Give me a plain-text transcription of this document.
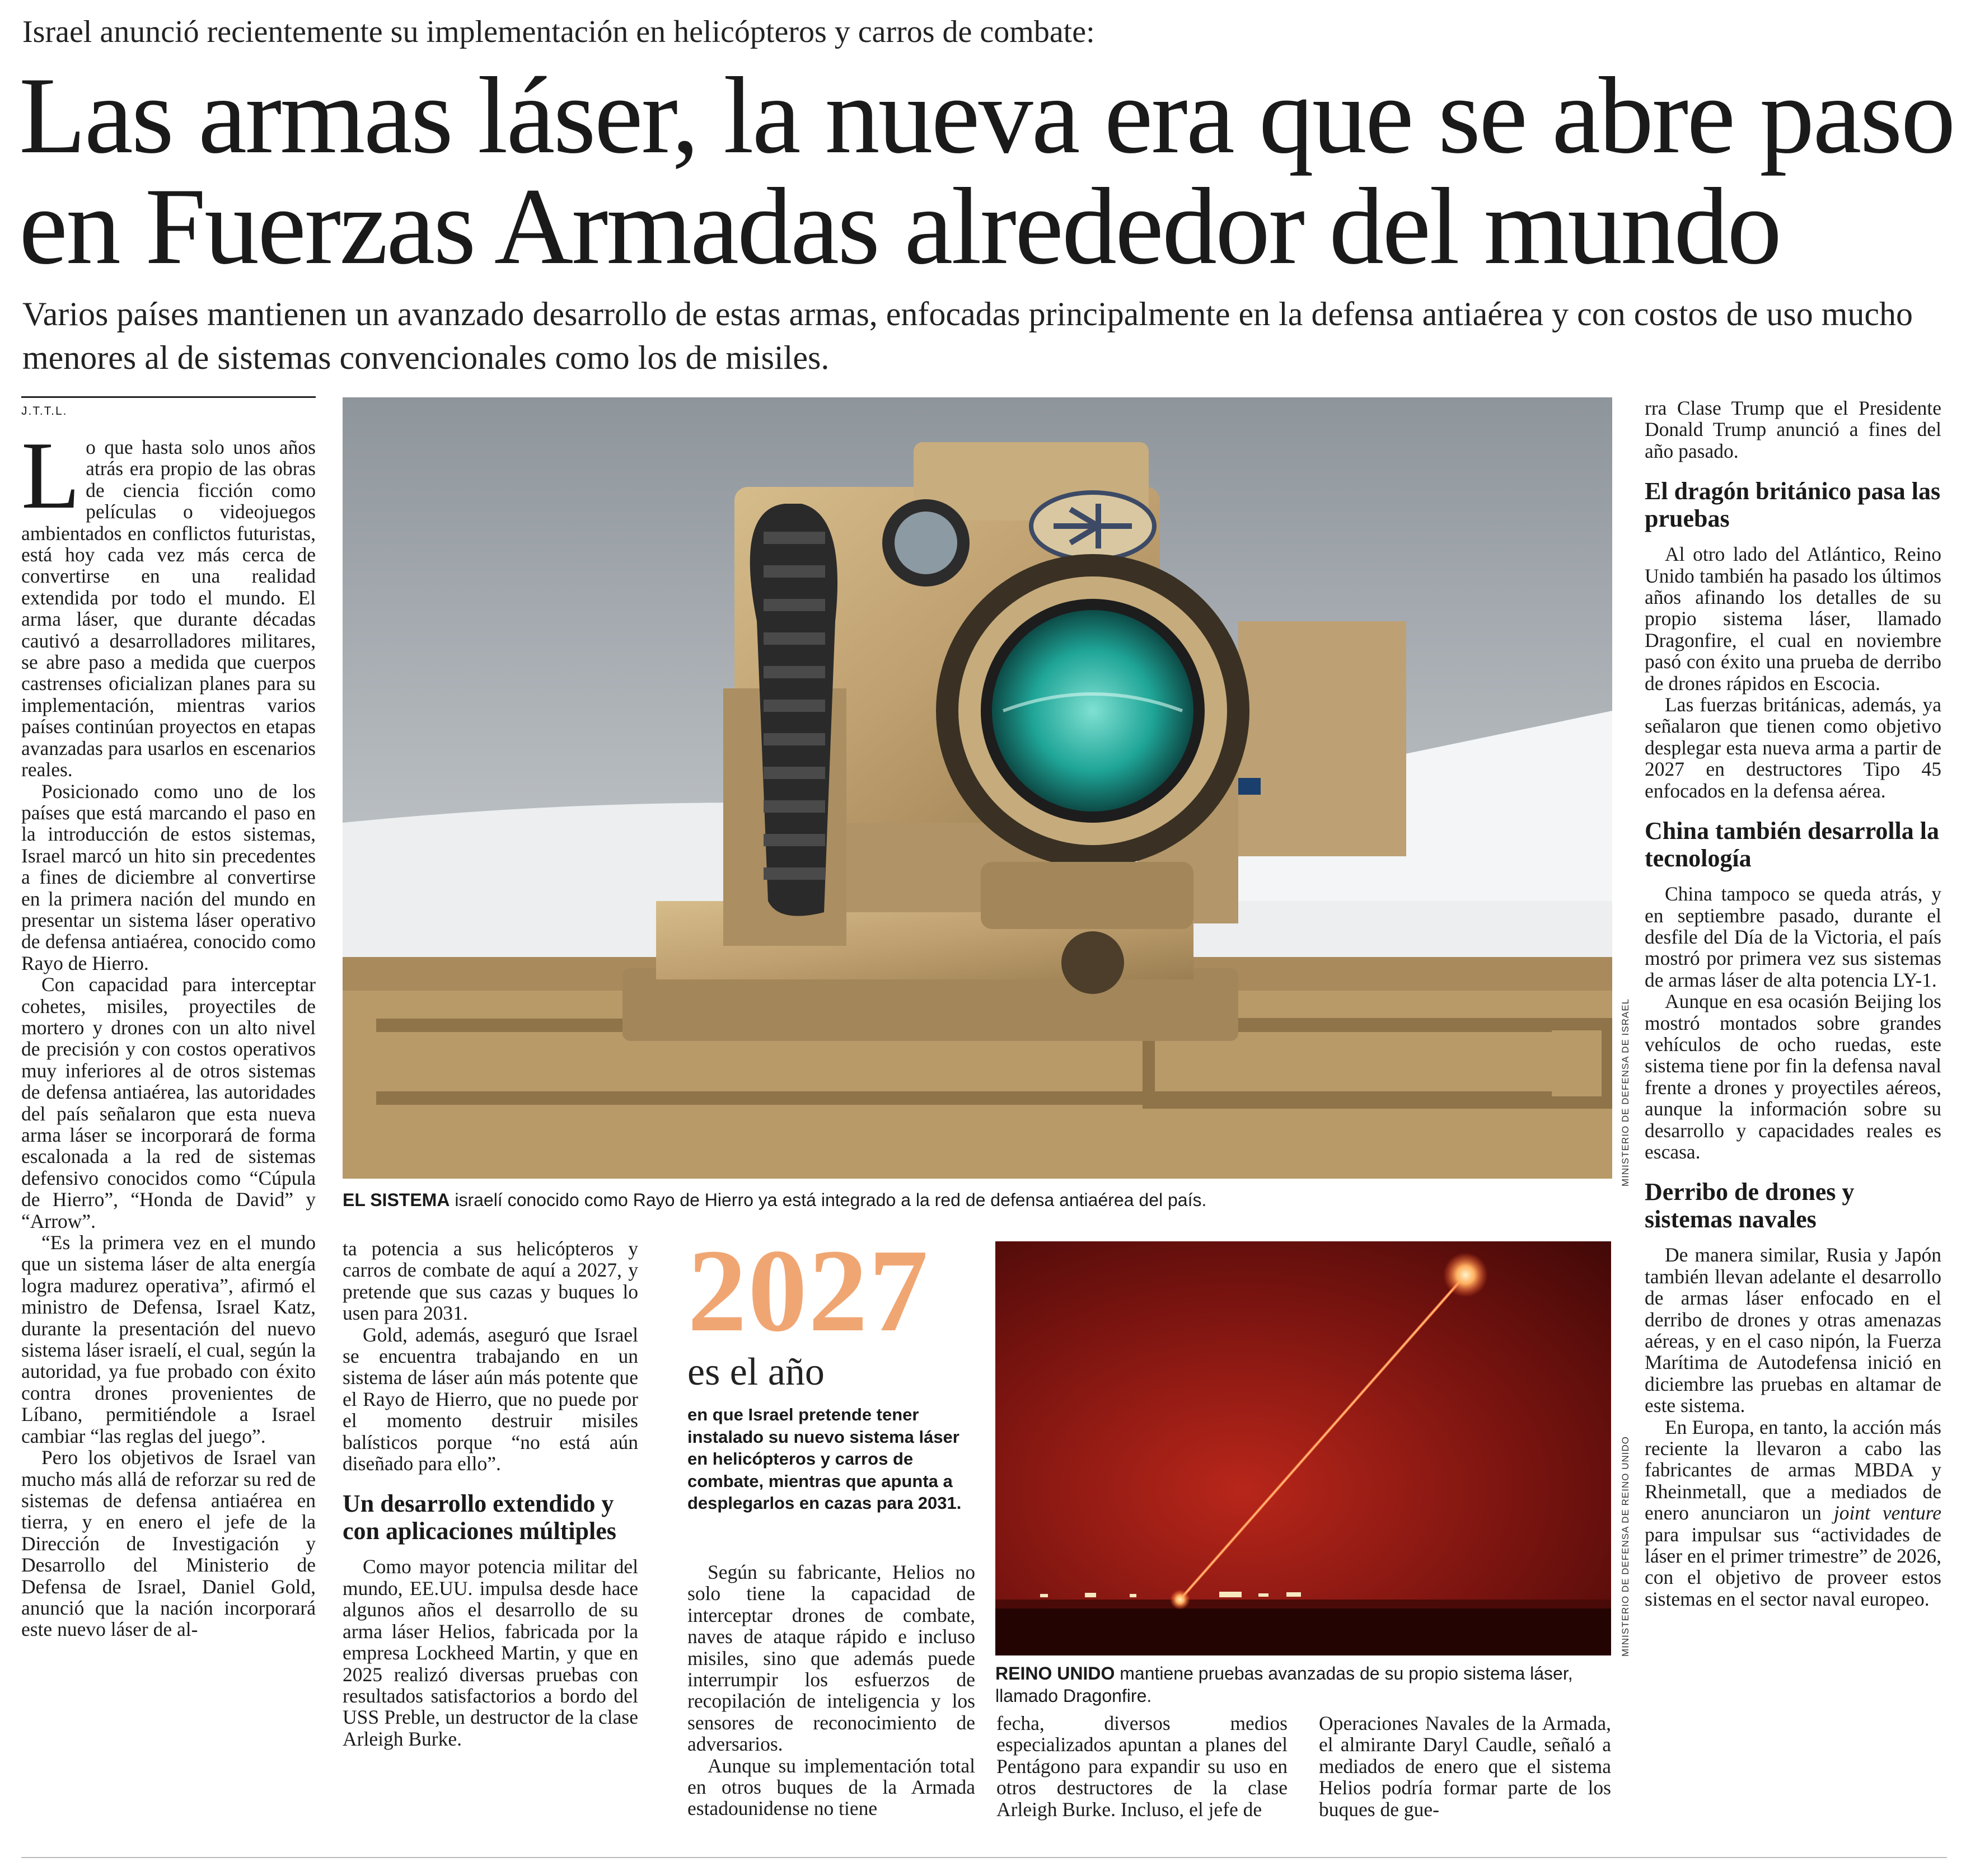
Israel anunció recientemente su implementación en helicópteros y carros de combate:
Las armas láser, la nueva era que se abre paso en Fuerzas Armadas alrededor del mundo
Varios países mantienen un avanzado desarrollo de estas armas, enfocadas principalmente en la defensa antiaérea y con costos de uso mucho menores al de sistemas convencionales como los de misiles.
J.T.T.L.
L o que hasta solo unos años atrás era propio de las obras de ciencia ficción como películas o videojuegos ambientados en conflictos futuristas, está hoy cada vez más cerca de convertirse en una realidad extendida por todo el mundo. El arma láser, que durante décadas cautivó a desarrolladores militares, se abre paso a medida que cuerpos castrenses oficializan planes para su implementación, mientras varios países continúan proyectos en etapas avanzadas para usarlos en escenarios reales.

Posicionado como uno de los países que está marcando el paso en la introducción de estos sistemas, Israel marcó un hito sin precedentes a fines de diciembre al convertirse en la primera nación del mundo en presentar un sistema láser operativo de defensa antiaérea, conocido como Rayo de Hierro.

Con capacidad para interceptar cohetes, misiles, proyectiles de mortero y drones con un alto nivel de precisión y con costos operativos muy inferiores al de otros sistemas de defensa antiaérea, las autoridades del país señalaron que esta nueva arma láser se incorporará de forma escalonada a la red de sistemas defensivo conocidos como “Cúpula de Hierro”, “Honda de David” y “Arrow”.

“Es la primera vez en el mundo que un sistema láser de alta energía logra madurez operativa”, afirmó el ministro de Defensa, Israel Katz, durante la presentación del nuevo sistema láser israelí, el cual, según la autoridad, ya fue probado con éxito contra drones provenientes de Líbano, permitiéndole a Israel cambiar “las reglas del juego”.

Pero los objetivos de Israel van mucho más allá de reforzar su red de sistemas de defensa antiaérea en tierra, y en enero el jefe de la Dirección de Investigación y Desarrollo del Ministerio de Defensa de Israel, Daniel Gold, anunció que la nación incorporará este nuevo láser de al-

MINISTERIO DE DEFENSA DE ISRAEL
EL SISTEMA israelí conocido como Rayo de Hierro ya está integrado a la red de defensa antiaérea del país.

ta potencia a sus helicópteros y carros de combate de aquí a 2027, y pretende que sus cazas y buques lo usen para 2031.

Gold, además, aseguró que Israel se encuentra trabajando en un sistema de láser aún más potente que el Rayo de Hierro, que no puede por el momento destruir misiles balísticos porque “no está aún diseñado para ello”.

Un desarrollo extendido y con aplicaciones múltiples

Como mayor potencia militar del mundo, EE.UU. impulsa desde hace algunos años el desarrollo de su arma láser Helios, fabricada por la empresa Lockheed Martin, y que en 2025 realizó diversas pruebas con resultados satisfactorios a bordo del USS Preble, un destructor de la clase Arleigh Burke.

2027
es el año
en que Israel pretende tener instalado su nuevo sistema láser en helicópteros y carros de combate, mientras que apunta a desplegarlos en cazas para 2031.

Según su fabricante, Helios no solo tiene la capacidad de interceptar drones de combate, naves de ataque rápido e incluso misiles, sino que además puede interrumpir los esfuerzos de recopilación de inteligencia y los sensores de reconocimiento de adversarios.

Aunque su implementación total en otros buques de la Armada estadounidense no tiene

MINISTERIO DE DEFENSA DE REINO UNIDO
REINO UNIDO mantiene pruebas avanzadas de su propio sistema láser, llamado Dragonfire.

fecha, diversos medios especializados apuntan a planes del Pentágono para expandir su uso en otros destructores de la clase Arleigh Burke. Incluso, el jefe de

Operaciones Navales de la Armada, el almirante Daryl Caudle, señaló a mediados de enero que el sistema Helios podría formar parte de los buques de gue-

rra Clase Trump que el Presidente Donald Trump anunció a fines del año pasado.

El dragón británico pasa las pruebas

Al otro lado del Atlántico, Reino Unido también ha pasado los últimos años afinando los detalles de su propio sistema láser, llamado Dragonfire, el cual en noviembre pasó con éxito una prueba de derribo de drones rápidos en Escocia.

Las fuerzas británicas, además, ya señalaron que tienen como objetivo desplegar esta nueva arma a partir de 2027 en destructores Tipo 45 enfocados en la defensa aérea.

China también desarrolla la tecnología

China tampoco se queda atrás, y en septiembre pasado, durante el desfile del Día de la Victoria, el país mostró por primera vez sus sistemas de armas láser de alta potencia LY-1.

Aunque en esa ocasión Beijing los mostró montados sobre grandes vehículos de ocho ruedas, este sistema tiene por fin la defensa naval frente a drones y proyectiles aéreos, aunque la información sobre su desarrollo y capacidades reales es escasa.

Derribo de drones y sistemas navales

De manera similar, Rusia y Japón también llevan adelante el desarrollo de armas láser enfocado en el derribo de drones y otras amenazas aéreas, y en el caso nipón, la Fuerza Marítima de Autodefensa inició en diciembre las pruebas en altamar de este sistema.

En Europa, en tanto, la acción más reciente la llevaron a cabo las fabricantes de armas MBDA y Rheinmetall, que a mediados de enero anunciaron un joint venture para impulsar sus “actividades de láser en el primer trimestre” de 2026, con el objetivo de proveer estos sistemas en el sector naval europeo.
